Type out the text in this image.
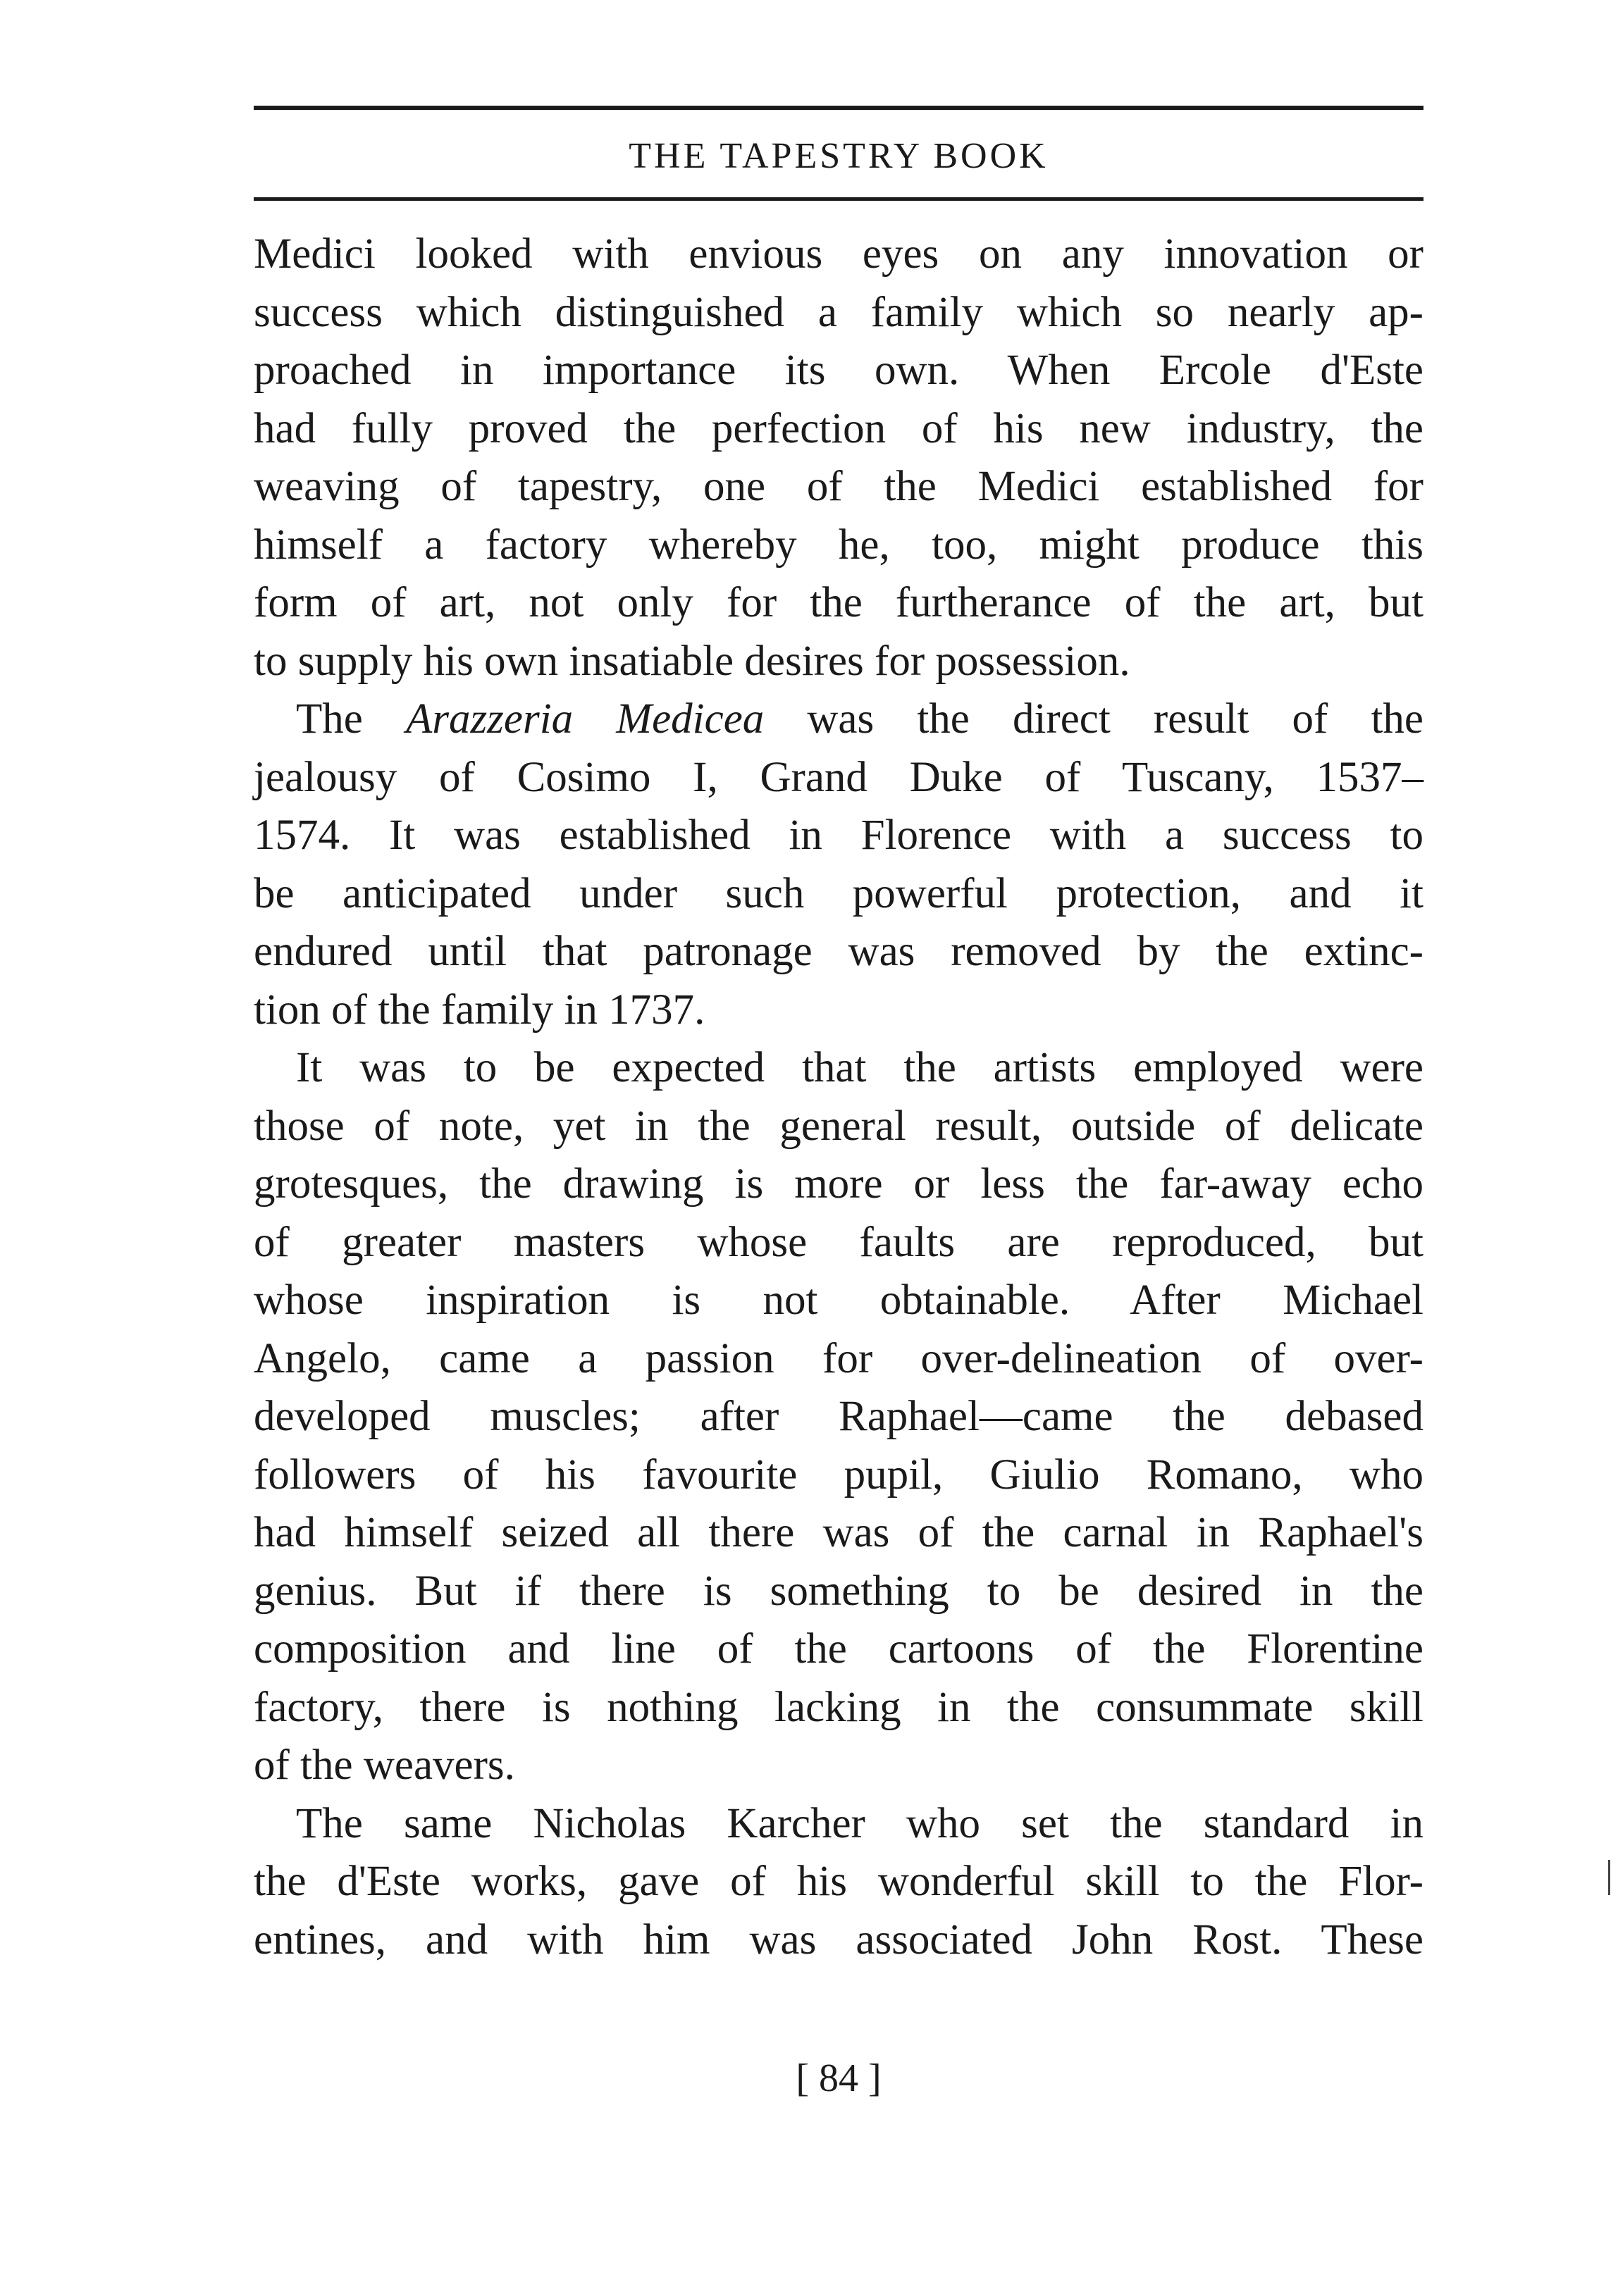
THE TAPESTRY BOOK
Medici looked with envious eyes on any innovation or
success which distinguished a family which so nearly ap-
proached in importance its own. When Ercole d'Este
had fully proved the perfection of his new industry, the
weaving of tapestry, one of the Medici established for
himself a factory whereby he, too, might produce this
form of art, not only for the furtherance of the art, but
to supply his own insatiable desires for possession.
The Arazzeria Medicea was the direct result of the
jealousy of Cosimo I, Grand Duke of Tuscany, 1537–
1574. It was established in Florence with a success to
be anticipated under such powerful protection, and it
endured until that patronage was removed by the extinc-
tion of the family in 1737.
It was to be expected that the artists employed were
those of note, yet in the general result, outside of delicate
grotesques, the drawing is more or less the far-away echo
of greater masters whose faults are reproduced, but
whose inspiration is not obtainable. After Michael
Angelo, came a passion for over-delineation of over-
developed muscles; after Raphael—came the debased
followers of his favourite pupil, Giulio Romano, who
had himself seized all there was of the carnal in Raphael's
genius. But if there is something to be desired in the
composition and line of the cartoons of the Florentine
factory, there is nothing lacking in the consummate skill
of the weavers.
The same Nicholas Karcher who set the standard in
the d'Este works, gave of his wonderful skill to the Flor-
entines, and with him was associated John Rost. These
[ 84 ]
